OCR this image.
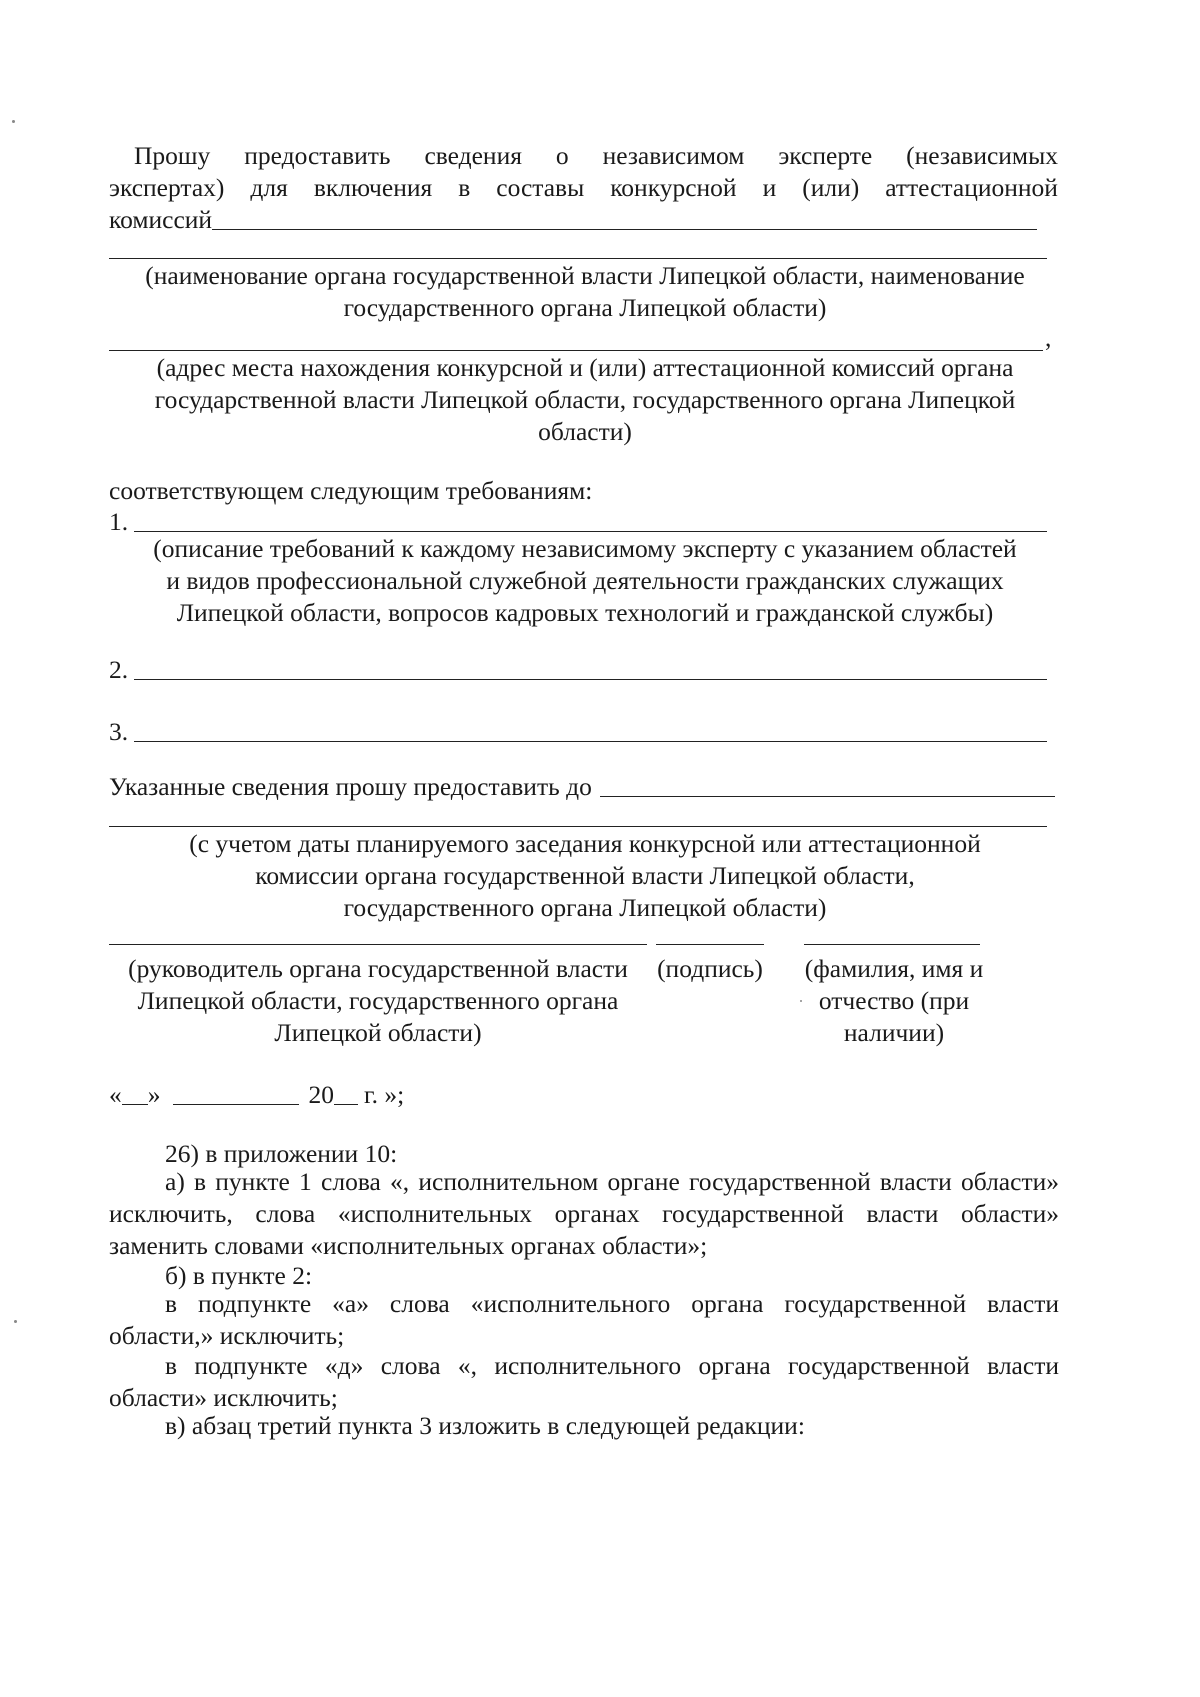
Прошу предоставить сведения о независимом эксперте (независимых
экспертах) для включения в составы конкурсной и (или) аттестационной
комиссий
(наименование органа государственной власти Липецкой области, наименование государственного органа Липецкой области)
,
(адрес места нахождения конкурсной и (или) аттестационной комиссий органа государственной власти Липецкой области, государственного органа Липецкой области)
соответствующем следующим требованиям:
1.
(описание требований к каждому независимому эксперту с указанием областей и видов профессиональной служебной деятельности гражданских служащих Липецкой области, вопросов кадровых технологий и гражданской службы)
2.
3.
Указанные сведения прошу предоставить до
(с учетом даты планируемого заседания конкурсной или аттестационной комиссии органа государственной власти Липецкой области, государственного органа Липецкой области)
(руководитель органа государственной власти Липецкой области, государственного органа Липецкой области)
(подпись) (фамилия, имя и отчество (при наличии)
« »	20 г. »;
26) в приложении 10:
а) в пункте 1 слова «, исполнительном органе государственной власти области» исключить, слова «исполнительных органах государственной власти области» заменить словами «исполнительных органах области»;
б) в пункте 2:
в подпункте «а» слова «исполнительного органа государственной власти области,» исключить;
в подпункте «д» слова «, исполнительного органа государственной власти области» исключить;
в) абзац третий пункта 3 изложить в следующей редакции:
